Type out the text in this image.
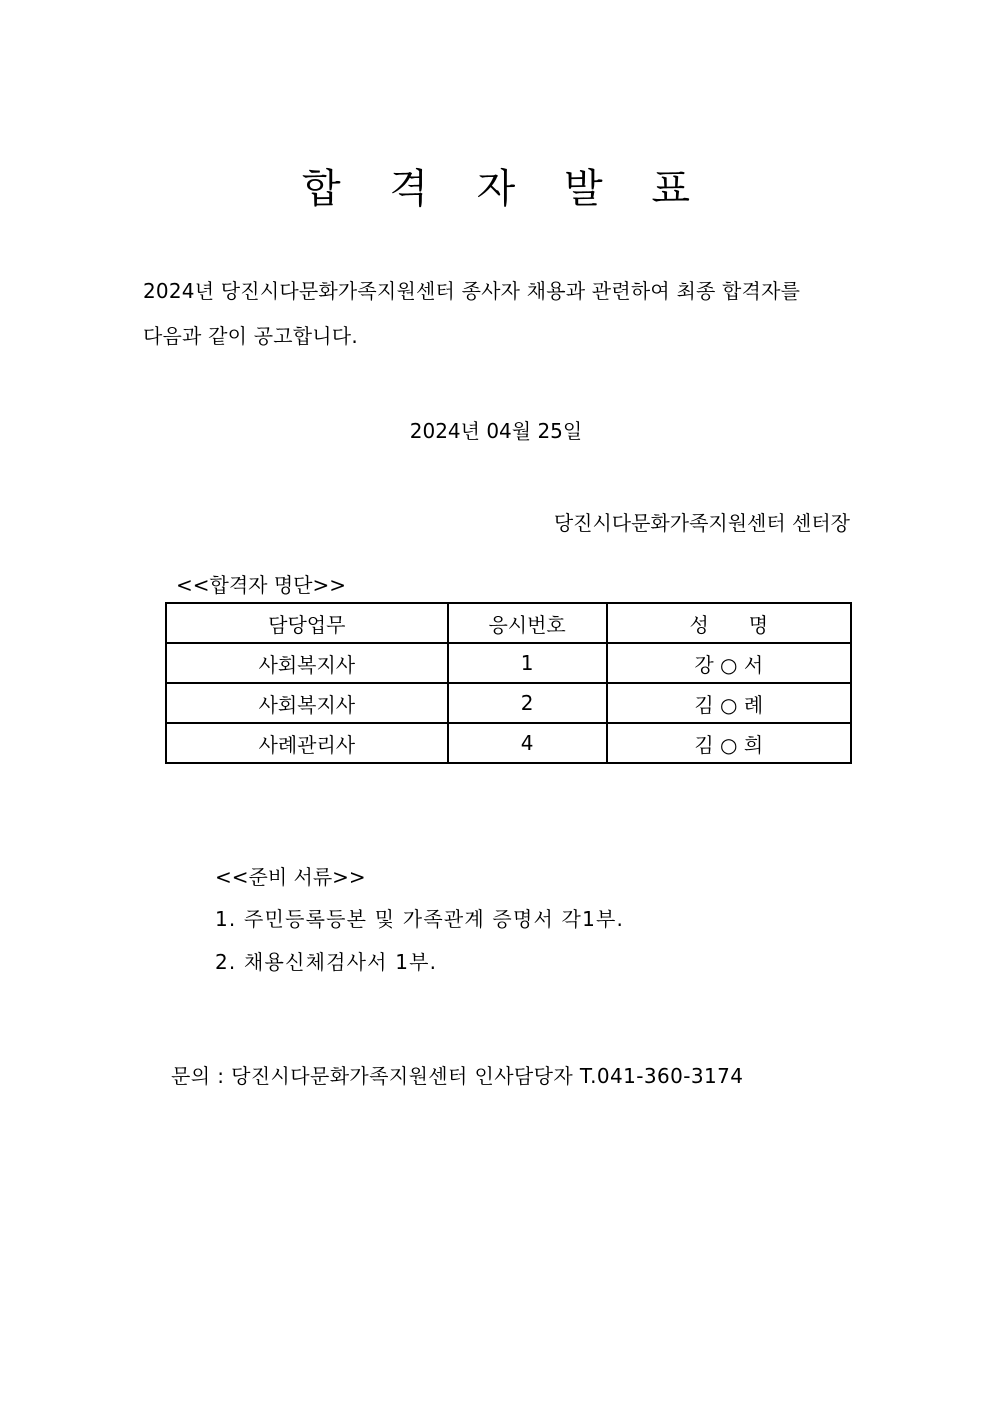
합 격 자 발 표
2024년 당진시다문화가족지원센터 종사자 채용과 관련하여 최종 합격자를
다음과 같이 공고합니다.
2024년 04월 25일
당진시다문화가족지원센터 센터장
<<합격자 명단>>
담당업무	응시번호	성　　명
사회복지사	1	강 ○ 서
사회복지사	2	김 ○ 례
사례관리사	4	김 ○ 희
<<준비 서류>>
1. 주민등록등본 및 가족관계 증명서 각1부.
2. 채용신체검사서 1부.
문의 : 당진시다문화가족지원센터 인사담당자 T.041-360-3174
